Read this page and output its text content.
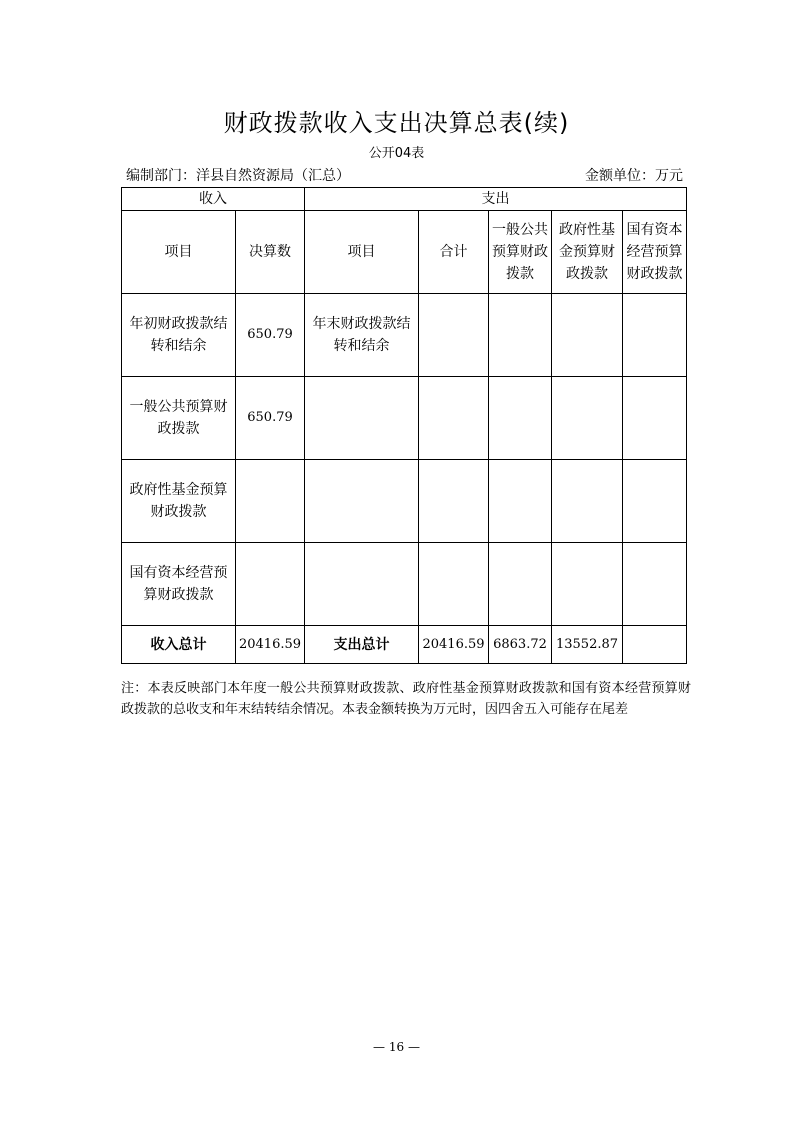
财政拨款收入支出决算总表(续)
公开04表
编制部门：洋县自然资源局（汇总）	金额单位：万元
收入		支出				
项目	决算数	项目	合计	一般公共预算财政拨款	政府性基金预算财政拨款	国有资本经营预算财政拨款
年初财政拨款结转和结余	650.79	年末财政拨款结转和结余				
一般公共预算财政拨款	650.79					
政府性基金预算财政拨款						
国有资本经营预算财政拨款						
收入总计	20416.59	支出总计	20416.59	6863.72	13552.87	
注：本表反映部门本年度一般公共预算财政拨款、政府性基金预算财政拨款和国有资本经营预算财政拨款的总收支和年末结转结余情况。本表金额转换为万元时，因四舍五入可能存在尾差
— 16 —
